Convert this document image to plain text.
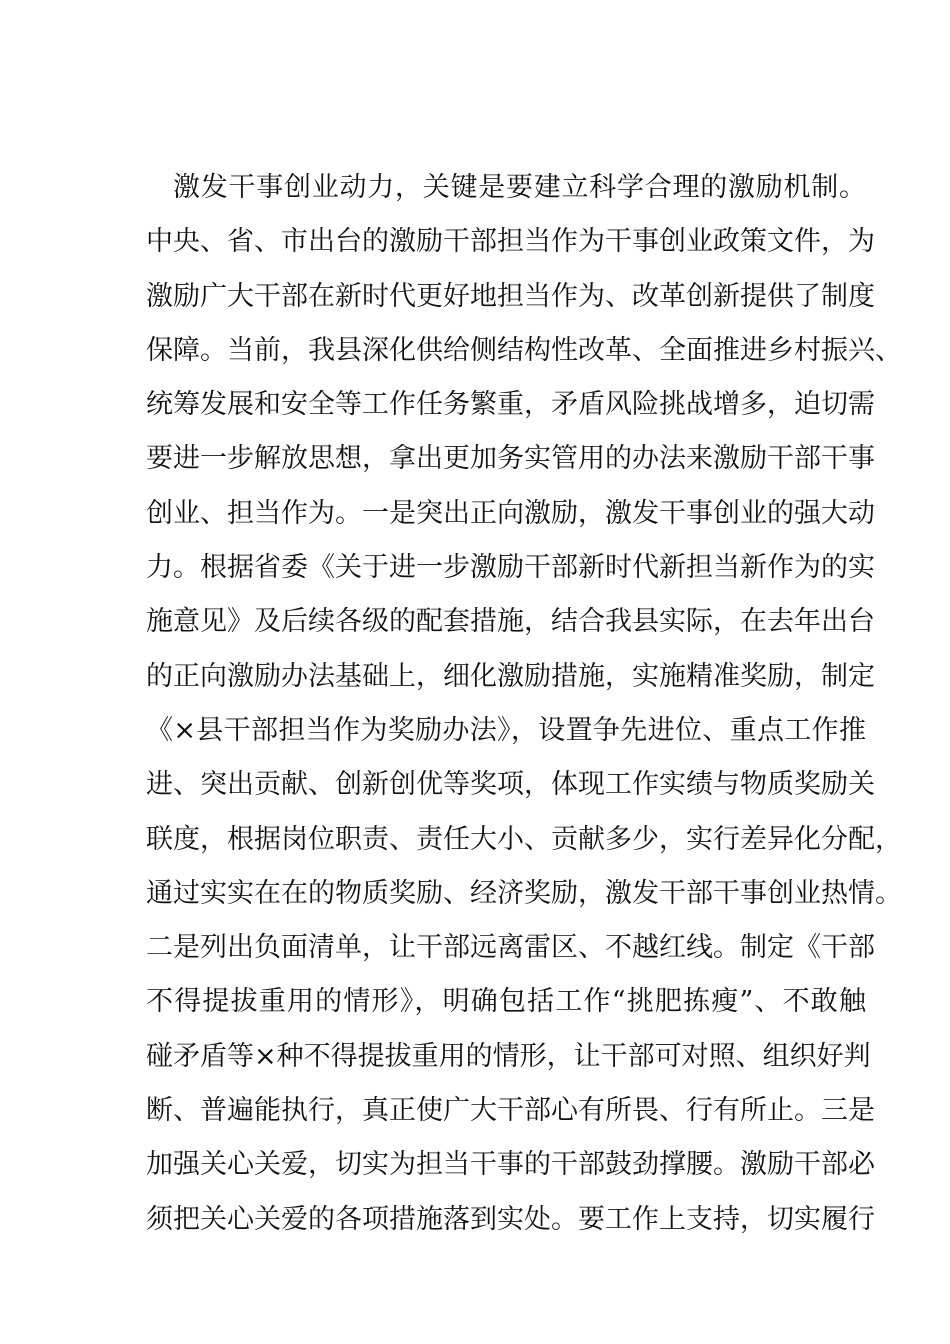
激发干事创业动力，关键是要建立科学合理的激励机制。
中央、省、市出台的激励干部担当作为干事创业政策文件，为
激励广大干部在新时代更好地担当作为、改革创新提供了制度
保障。当前，我县深化供给侧结构性改革、全面推进乡村振兴、
统筹发展和安全等工作任务繁重，矛盾风险挑战增多，迫切需
要进一步解放思想，拿出更加务实管用的办法来激励干部干事
创业、担当作为。一是突出正向激励，激发干事创业的强大动
力。根据省委《关于进一步激励干部新时代新担当新作为的实
施意见》及后续各级的配套措施，结合我县实际，在去年出台
的正向激励办法基础上，细化激励措施，实施精准奖励，制定
《×县干部担当作为奖励办法》，设置争先进位、重点工作推
进、突出贡献、创新创优等奖项，体现工作实绩与物质奖励关
联度，根据岗位职责、责任大小、贡献多少，实行差异化分配，
通过实实在在的物质奖励、经济奖励，激发干部干事创业热情。
二是列出负面清单，让干部远离雷区、不越红线。制定《干部
不得提拔重用的情形》，明确包括工作“挑肥拣瘦”、不敢触
碰矛盾等×种不得提拔重用的情形，让干部可对照、组织好判
断、普遍能执行，真正使广大干部心有所畏、行有所止。三是
加强关心关爱，切实为担当干事的干部鼓劲撑腰。激励干部必
须把关心关爱的各项措施落到实处。要工作上支持，切实履行
